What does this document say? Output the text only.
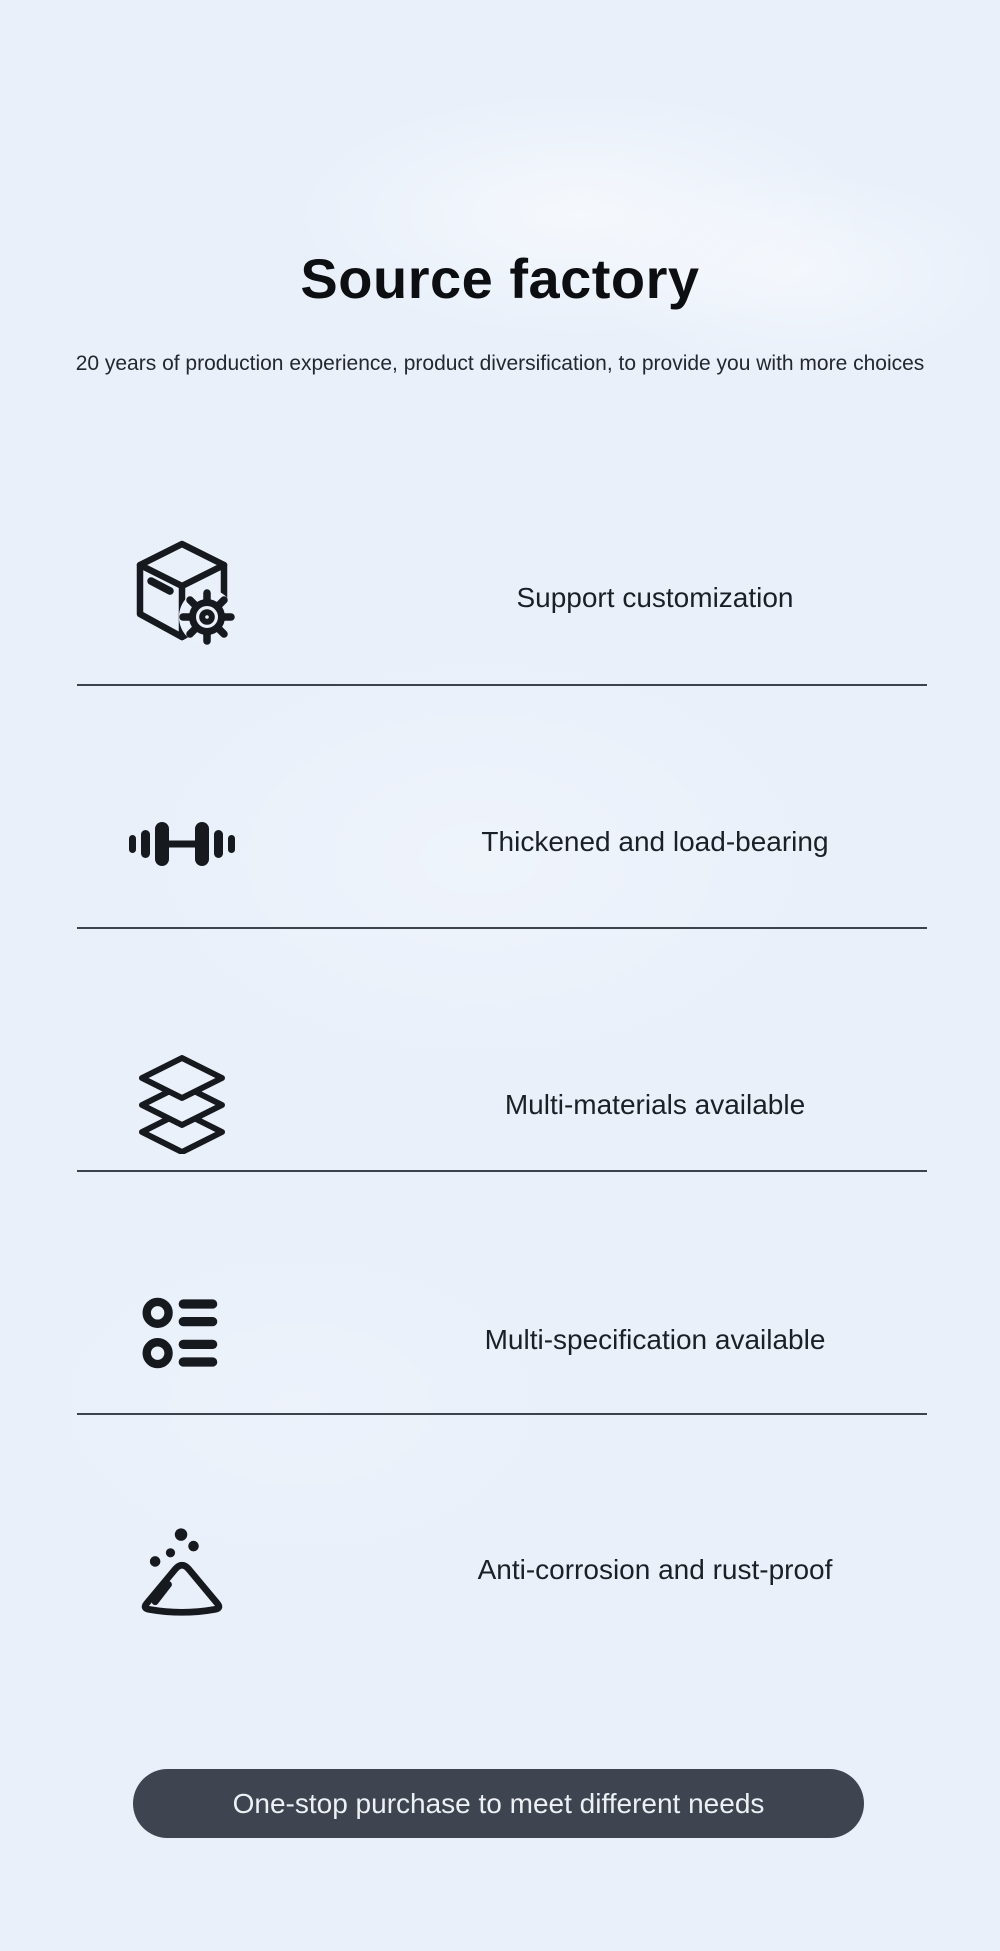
Source factory

20 years of production experience, product diversification, to provide you with more choices

Support customization
Thickened and load-bearing
Multi-materials available
Multi-specification available
Anti-corrosion and rust-proof
One-stop purchase to meet different needs
